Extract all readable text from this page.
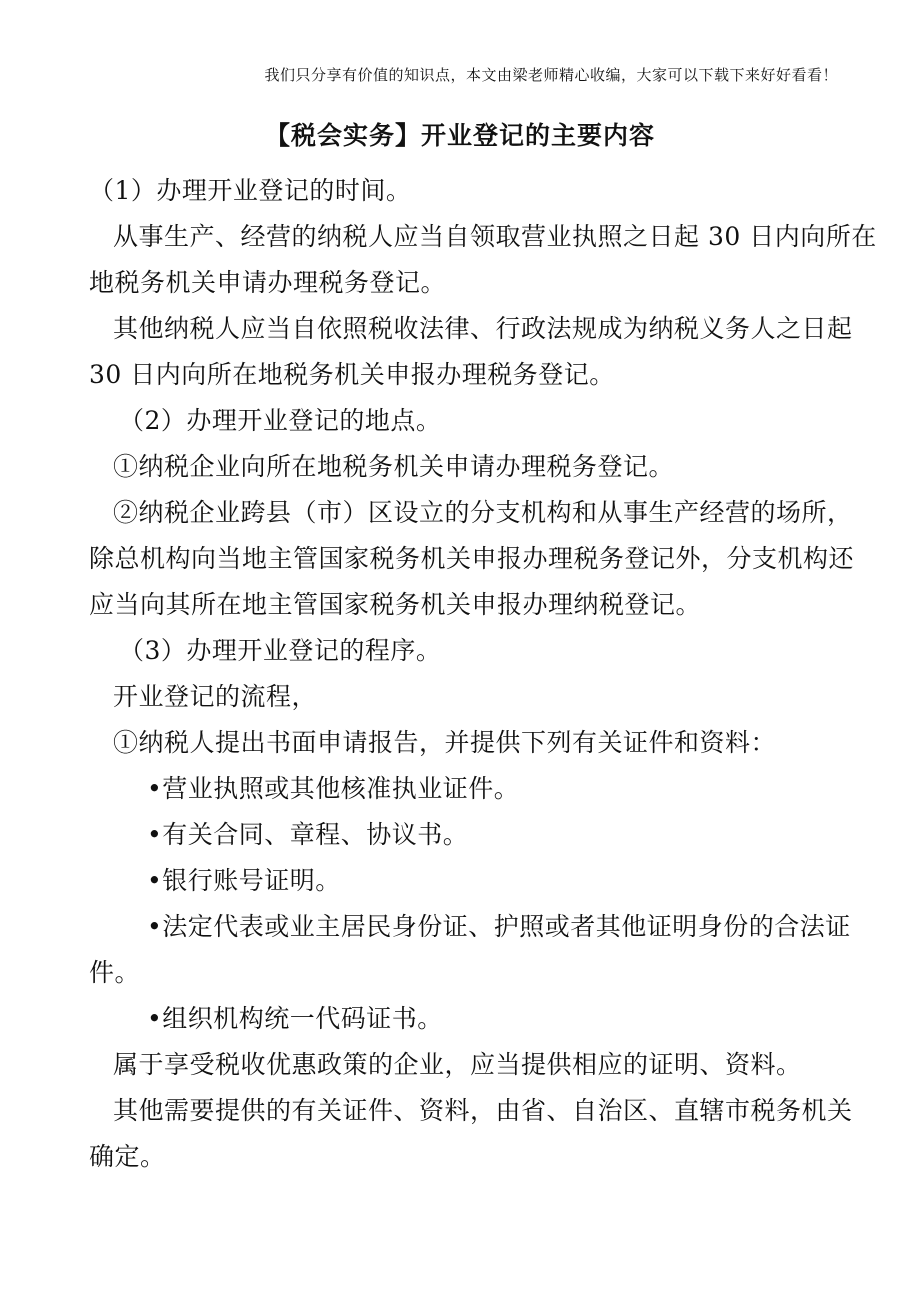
我们只分享有价值的知识点，本文由梁老师精心收编，大家可以下载下来好好看看！
【税会实务】开业登记的主要内容
（1）办理开业登记的时间。
从事生产、经营的纳税人应当自领取营业执照之日起 30 日内向所在
地税务机关申请办理税务登记。
其他纳税人应当自依照税收法律、行政法规成为纳税义务人之日起
30 日内向所在地税务机关申报办理税务登记。
（2）办理开业登记的地点。
①纳税企业向所在地税务机关申请办理税务登记。
②纳税企业跨县（市）区设立的分支机构和从事生产经营的场所，
除总机构向当地主管国家税务机关申报办理税务登记外，分支机构还
应当向其所在地主管国家税务机关申报办理纳税登记。
（3）办理开业登记的程序。
开业登记的流程，
①纳税人提出书面申请报告，并提供下列有关证件和资料：
•营业执照或其他核准执业证件。
•有关合同、章程、协议书。
•银行账号证明。
•法定代表或业主居民身份证、护照或者其他证明身份的合法证
件。
•组织机构统一代码证书。
属于享受税收优惠政策的企业，应当提供相应的证明、资料。
其他需要提供的有关证件、资料，由省、自治区、直辖市税务机关
确定。
